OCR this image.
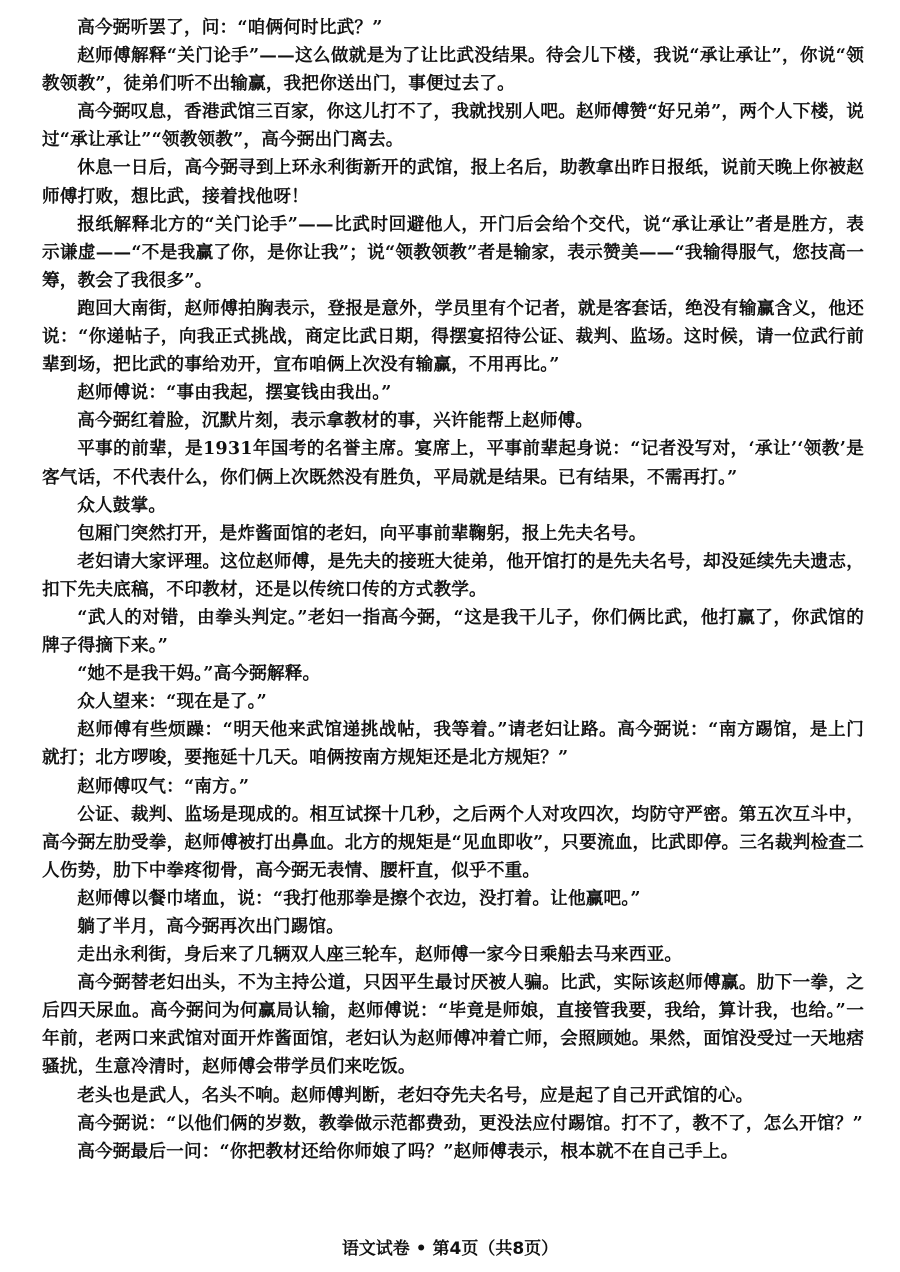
高今弼听罢了，问：“咱俩何时比武？”

赵师傅解释“关门论手”——这么做就是为了让比武没结果。待会儿下楼，我说“承让承让”，你说“领教领教”，徒弟们听不出输赢，我把你送出门，事便过去了。

高今弼叹息，香港武馆三百家，你这儿打不了，我就找别人吧。赵师傅赞“好兄弟”，两个人下楼，说过“承让承让”“领教领教”，高今弼出门离去。

休息一日后，高今弼寻到上环永利街新开的武馆，报上名后，助教拿出昨日报纸，说前天晚上你被赵师傅打败，想比武，接着找他呀！

报纸解释北方的“关门论手”——比武时回避他人，开门后会给个交代，说“承让承让”者是胜方，表示谦虚——“不是我赢了你，是你让我”；说“领教领教”者是输家，表示赞美——“我输得服气，您技高一筹，教会了我很多”。

跑回大南街，赵师傅拍胸表示，登报是意外，学员里有个记者，就是客套话，绝没有输赢含义，他还说：“你递帖子，向我正式挑战，商定比武日期，得摆宴招待公证、裁判、监场。这时候，请一位武行前辈到场，把比武的事给劝开，宣布咱俩上次没有输赢，不用再比。”

赵师傅说：“事由我起，摆宴钱由我出。”

高今弼红着脸，沉默片刻，表示拿教材的事，兴许能帮上赵师傅。

平事的前辈，是1931年国考的名誉主席。宴席上，平事前辈起身说：“记者没写对，‘承让’‘领教’是客气话，不代表什么，你们俩上次既然没有胜负，平局就是结果。已有结果，不需再打。”

众人鼓掌。

包厢门突然打开，是炸酱面馆的老妇，向平事前辈鞠躬，报上先夫名号。

老妇请大家评理。这位赵师傅，是先夫的接班大徒弟，他开馆打的是先夫名号，却没延续先夫遗志，扣下先夫底稿，不印教材，还是以传统口传的方式教学。

“武人的对错，由拳头判定。”老妇一指高今弼，“这是我干儿子，你们俩比武，他打赢了，你武馆的牌子得摘下来。”

“她不是我干妈。”高今弼解释。

众人望来：“现在是了。”

赵师傅有些烦躁：“明天他来武馆递挑战帖，我等着。”请老妇让路。高今弼说：“南方踢馆，是上门就打；北方啰唆，要拖延十几天。咱俩按南方规矩还是北方规矩？”

赵师傅叹气：“南方。”

公证、裁判、监场是现成的。相互试探十几秒，之后两个人对攻四次，均防守严密。第五次互斗中，高今弼左肋受拳，赵师傅被打出鼻血。北方的规矩是“见血即收”，只要流血，比武即停。三名裁判检查二人伤势，肋下中拳疼彻骨，高今弼无表情、腰杆直，似乎不重。

赵师傅以餐巾堵血，说：“我打他那拳是擦个衣边，没打着。让他赢吧。”

躺了半月，高今弼再次出门踢馆。

走出永利街，身后来了几辆双人座三轮车，赵师傅一家今日乘船去马来西亚。

高今弼替老妇出头，不为主持公道，只因平生最讨厌被人骗。比武，实际该赵师傅赢。肋下一拳，之后四天尿血。高今弼问为何赢局认输，赵师傅说：“毕竟是师娘，直接管我要，我给，算计我，也给。”一年前，老两口来武馆对面开炸酱面馆，老妇认为赵师傅冲着亡师，会照顾她。果然，面馆没受过一天地痞骚扰，生意冷清时，赵师傅会带学员们来吃饭。

老头也是武人，名头不响。赵师傅判断，老妇夺先夫名号，应是起了自己开武馆的心。

高今弼说：“以他们俩的岁数，教拳做示范都费劲，更没法应付踢馆。打不了，教不了，怎么开馆？”

高今弼最后一问：“你把教材还给你师娘了吗？”赵师傅表示，根本就不在自己手上。

语文试卷 • 第4页（共8页）
